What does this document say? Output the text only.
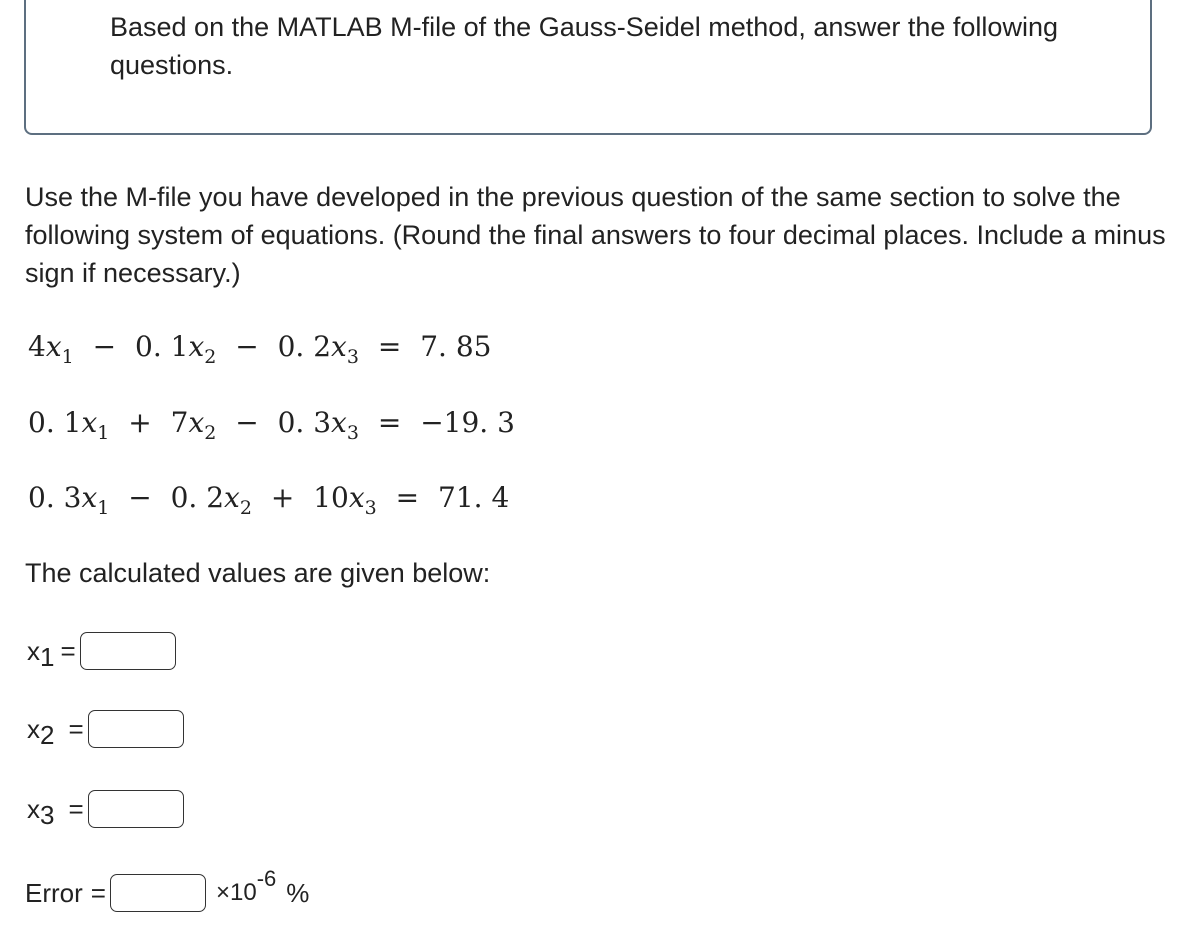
Based on the MATLAB M-file of the Gauss-Seidel method, answer the following questions.
Use the M-file you have developed in the previous question of the same section to solve the following system of equations. (Round the final answers to four decimal places. Include a minus sign if necessary.)
$4x_1 - 0$. $1x_2 - 0$. $2x_3 = 7$. 85
0. $1x_1 + 7x_2 - 0$. $3x_3 = -19$. 3
0. $3x_1 - 0$. $2x_2 + 10x_3 = 71$. 4
The calculated values are given below:
$x_1$ =
$x_2$ =
$x_3$ =
Error =	$\times 10^{-6}$ %
